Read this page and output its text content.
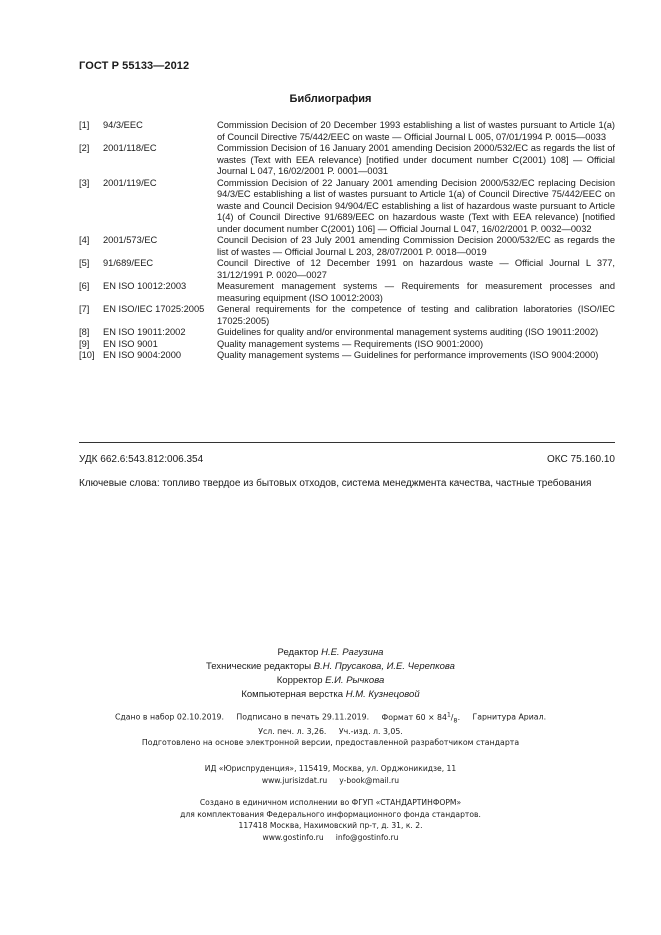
ГОСТ Р 55133—2012
Библиография
[1]	94/3/EEC	Commission Decision of 20 December 1993 establishing a list of wastes pursuant to Article 1(a) of Council Directive 75/442/EEC on waste — Official Journal L 005, 07/01/1994 P. 0015—0033
[2]	2001/118/EC	Commission Decision of 16 January 2001 amending Decision 2000/532/EC as regards the list of wastes (Text with EEA relevance) [notified under document number C(2001) 108] — Official Journal L 047, 16/02/2001 P. 0001—0031
[3]	2001/119/EC	Commission Decision of 22 January 2001 amending Decision 2000/532/EC replacing Decision 94/3/EC establishing a list of wastes pursuant to Article 1(a) of Council Directive 75/442/EEC on waste and Council Decision 94/904/EC establishing a list of hazardous waste pursuant to Article 1(4) of Council Directive 91/689/EEC on hazardous waste (Text with EEA relevance) [notified under document number C(2001) 106] — Official Journal L 047, 16/02/2001 P. 0032—0032
[4]	2001/573/EC	Council Decision of 23 July 2001 amending Commission Decision 2000/532/EC as regards the list of wastes — Official Journal L 203, 28/07/2001 P. 0018—0019
[5]	91/689/EEC	Council Directive of 12 December 1991 on hazardous waste — Official Journal L 377, 31/12/1991 P. 0020—0027
[6]	EN ISO 10012:2003	Measurement management systems — Requirements for measurement processes and measuring equipment (ISO 10012:2003)
[7]	EN ISO/IEC 17025:2005	General requirements for the competence of testing and calibration laboratories (ISO/IEC 17025:2005)
[8]	EN ISO 19011:2002	Guidelines for quality and/or environmental management systems auditing (ISO 19011:2002)
[9]	EN ISO 9001	Quality management systems — Requirements (ISO 9001:2000)
[10] EN ISO 9004:2000	Quality management systems — Guidelines for performance improvements (ISO 9004:2000)
УДК 662.6:543.812:006.354	ОКС 75.160.10
Ключевые слова: топливо твердое из бытовых отходов, система менеджмента качества, частные требования
Редактор Н.Е. Рагузина
Технические редакторы В.Н. Прусакова, И.Е. Черепкова
Корректор Е.И. Рычкова
Компьютерная верстка Н.М. Кузнецовой
Сдано в набор 02.10.2019. Подписано в печать 29.11.2019. Формат $60 \times 84^1/_8$. Гарнитура Ариал.
Усл. печ. л. 3,26. Уч.-изд. л. 3,05.
Подготовлено на основе электронной версии, предоставленной разработчиком стандарта
ИД «Юриспруденция», 115419, Москва, ул. Орджоникидзе, 11
www.jurisizdat.ru y-book@mail.ru
Создано в единичном исполнении во ФГУП «СТАНДАРТИНФОРМ»
для комплектования Федерального информационного фонда стандартов.
117418 Москва, Нахимовский пр-т, д. 31, к. 2.
www.gostinfo.ru info@gostinfo.ru
